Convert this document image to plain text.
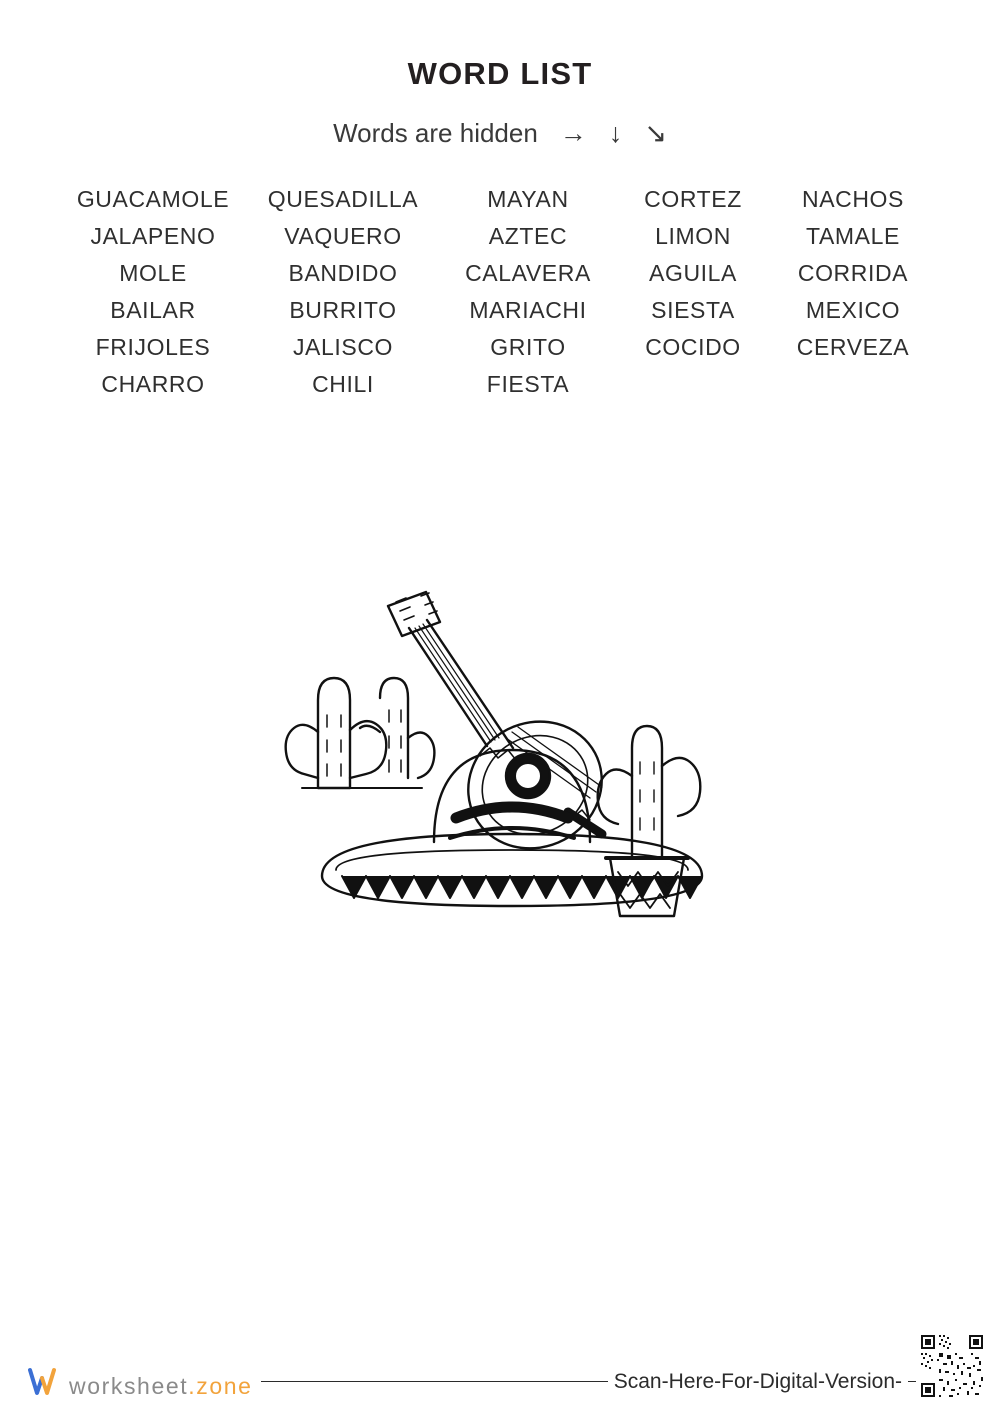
WORD LIST
Words are hidden → ↓ ↘
GUACAMOLE QUESADILLA	MAYAN	CORTEZ	NACHOS
JALAPENO	VAQUERO	AZTEC	LIMON	TAMALE
MOLE	BANDIDO	CALAVERA	AGUILA	CORRIDA
BAILAR	BURRITO	MARIACHI	SIESTA	MEXICO
FRIJOLES	JALISCO	GRITO	COCIDO CERVEZA
CHARRO	CHILI	FIESTA
worksheet . zone	Scan-Here-For-Digital-Version-
